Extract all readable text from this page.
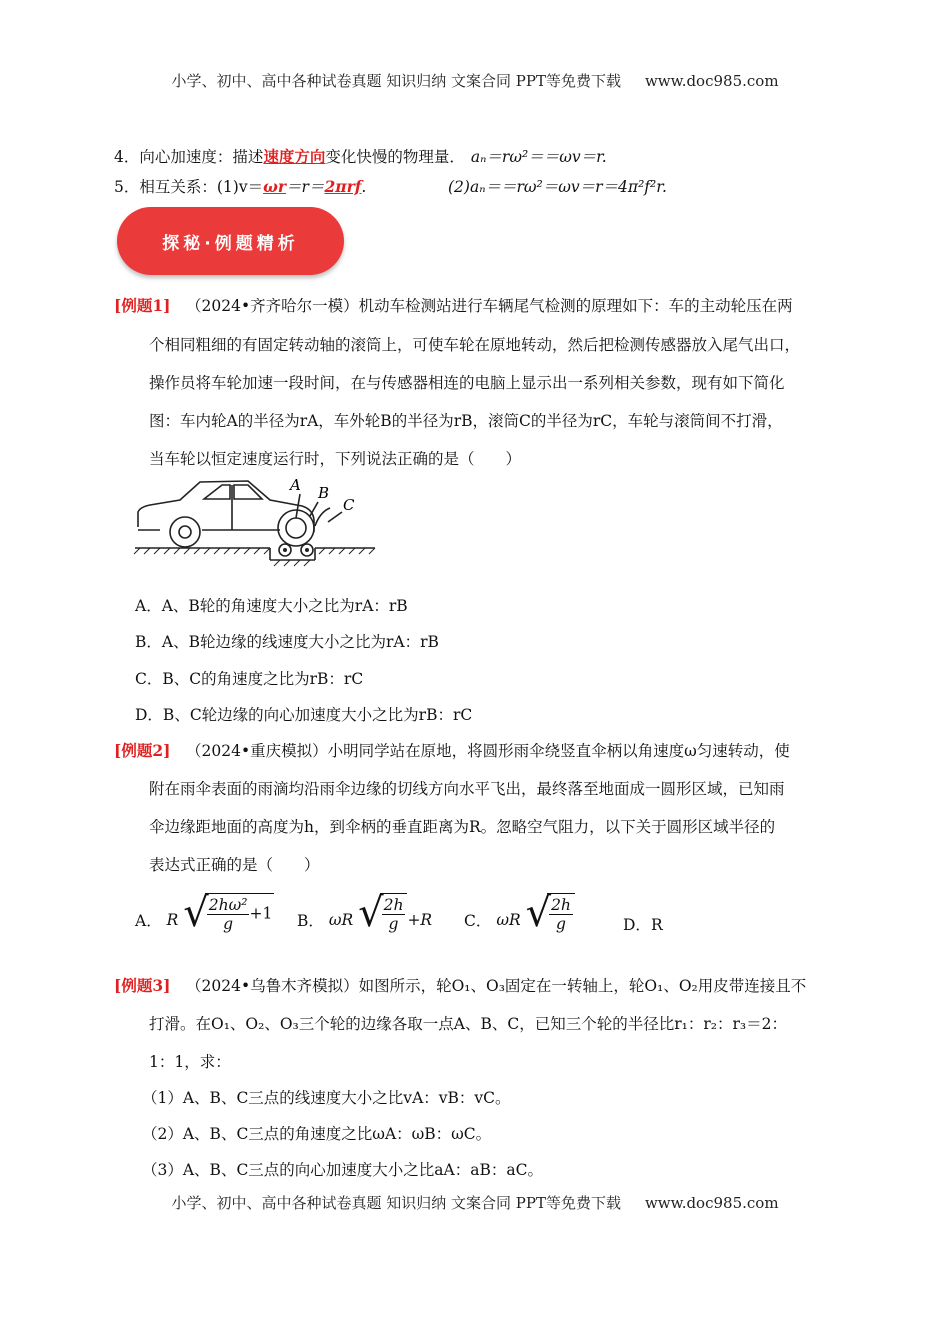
小学、初中、高中各种试卷真题 知识归纳 文案合同 PPT等免费下载 www.doc985.com
4．向心加速度：描述速度方向变化快慢的物理量． aₙ＝rω²＝＝ωv＝r.
5．相互关系：(1)v＝ωr＝r＝2πrf.	(2)aₙ＝＝rω²＝ωv＝r＝4π²f²r.
探秘·例题精析
[例题1] （2024•齐齐哈尔一模）机动车检测站进行车辆尾气检测的原理如下：车的主动轮压在两
个相同粗细的有固定转动轴的滚筒上，可使车轮在原地转动，然后把检测传感器放入尾气出口，
操作员将车轮加速一段时间，在与传感器相连的电脑上显示出一系列相关参数，现有如下简化
图：车内轮A的半径为rA，车外轮B的半径为rB，滚筒C的半径为rC，车轮与滚筒间不打滑，
当车轮以恒定速度运行时，下列说法正确的是（　　）
A B
C
A．A、B轮的角速度大小之比为rA：rB
B．A、B轮边缘的线速度大小之比为rA：rB
C．B、C的角速度之比为rB：rC
D．B、C轮边缘的向心加速度大小之比为rB：rC
[例题2] （2024•重庆模拟）小明同学站在原地，将圆形雨伞绕竖直伞柄以角速度ω匀速转动，使
附在雨伞表面的雨滴均沿雨伞边缘的切线方向水平飞出，最终落至地面成一圆形区域，已知雨
伞边缘距地面的高度为h，到伞柄的垂直距离为R。忽略空气阻力，以下关于圆形区域半径的
表达式正确的是（　　）
A． R √
$\frac{\text{2ℎω²}}{g} +1$ B． ωR √
$\frac{\text{2ℎ}}{g} +R$ C． ωR √
$\frac{\text{2ℎ}}{g}$	D．R
[例题3] （2024•乌鲁木齐模拟）如图所示，轮O₁、O₃固定在一转轴上，轮O₁、O₂用皮带连接且不
打滑。在O₁、O₂、O₃三个轮的边缘各取一点A、B、C，已知三个轮的半径比r₁：r₂：r₃＝2：
1：1，求：
（1）A、B、C三点的线速度大小之比vA：vB：vC。
（2）A、B、C三点的角速度之比ωA：ωB：ωC。
（3）A、B、C三点的向心加速度大小之比aA：aB：aC。
小学、初中、高中各种试卷真题 知识归纳 文案合同 PPT等免费下载 www.doc985.com
